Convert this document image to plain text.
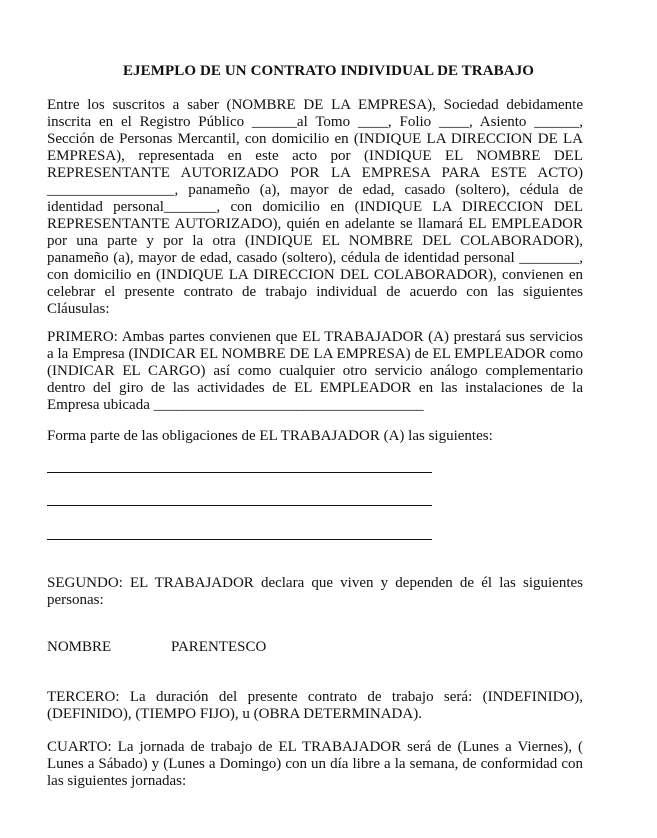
EJEMPLO DE UN CONTRATO INDIVIDUAL DE TRABAJO
Entre los suscritos a saber (NOMBRE DE LA EMPRESA), Sociedad debidamente inscrita en el Registro Público ______al Tomo ____, Folio ____, Asiento ______, Sección de Personas Mercantil, con domicilio en (INDIQUE LA DIRECCION DE LA EMPRESA), representada en este acto por (INDIQUE EL NOMBRE DEL REPRESENTANTE AUTORIZADO POR LA EMPRESA PARA ESTE ACTO) _________________, panameño (a), mayor de edad, casado (soltero), cédula de identidad personal_______, con domicilio en (INDIQUE LA DIRECCION DEL REPRESENTANTE AUTORIZADO), quién en adelante se llamará EL EMPLEADOR por una parte y por la otra (INDIQUE EL NOMBRE DEL COLABORADOR), panameño (a), mayor de edad, casado (soltero), cédula de identidad personal ________, con domicilio en (INDIQUE LA DIRECCION DEL COLABORADOR), convienen en celebrar el presente contrato de trabajo individual de acuerdo con las siguientes Cláusulas:
PRIMERO: Ambas partes convienen que EL TRABAJADOR (A) prestará sus servicios a la Empresa (INDICAR EL NOMBRE DE LA EMPRESA) de EL EMPLEADOR como (INDICAR EL CARGO) así como cualquier otro servicio análogo complementario dentro del giro de las actividades de EL EMPLEADOR en las instalaciones de la Empresa ubicada ____________________________________
Forma parte de las obligaciones de EL TRABAJADOR (A) las siguientes:
SEGUNDO: EL TRABAJADOR declara que viven y dependen de él las siguientes personas:
NOMBRE	PARENTESCO
TERCERO: La duración del presente contrato de trabajo será: (INDEFINIDO), (DEFINIDO), (TIEMPO FIJO), u (OBRA DETERMINADA).
CUARTO: La jornada de trabajo de EL TRABAJADOR será de (Lunes a Viernes), ( Lunes a Sábado) y (Lunes a Domingo) con un día libre a la semana, de conformidad con las siguientes jornadas:
